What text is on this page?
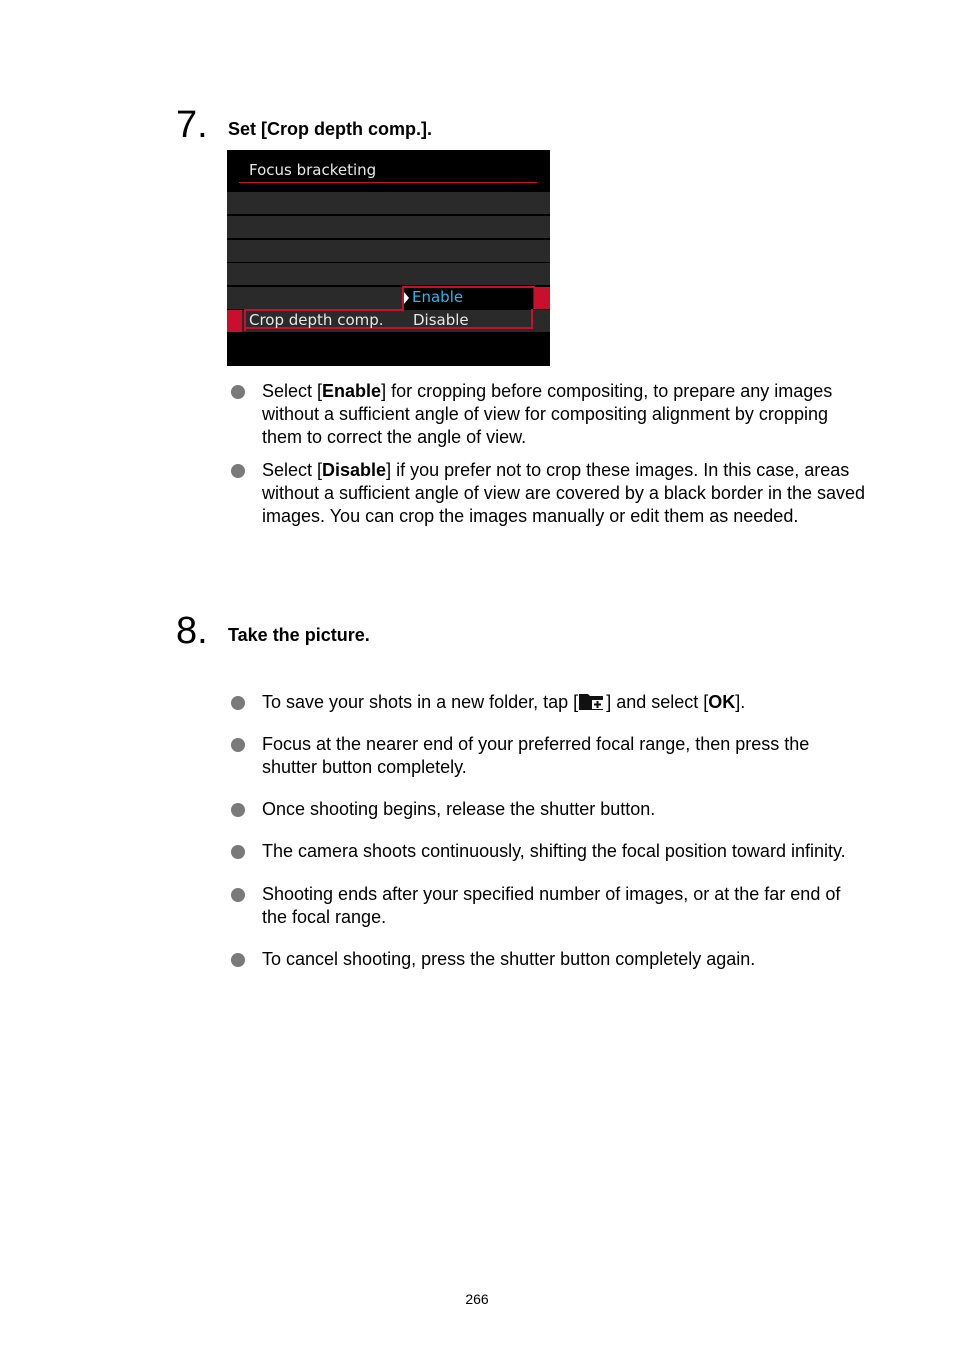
7. Set [Crop depth comp.].
Focus bracketing
Crop depth comp.
Enable
Disable
Select [Enable] for cropping before compositing, to prepare any images without a sufficient angle of view for compositing alignment by cropping them to correct the angle of view.
Select [Disable] if you prefer not to crop these images. In this case, areas without a sufficient angle of view are covered by a black border in the saved images. You can crop the images manually or edit them as needed.
8. Take the picture.
To save your shots in a new folder, tap [ ] and select [OK].
Focus at the nearer end of your preferred focal range, then press the shutter button completely.
Once shooting begins, release the shutter button.
The camera shoots continuously, shifting the focal position toward infinity.
Shooting ends after your specified number of images, or at the far end of the focal range.
To cancel shooting, press the shutter button completely again.
266
